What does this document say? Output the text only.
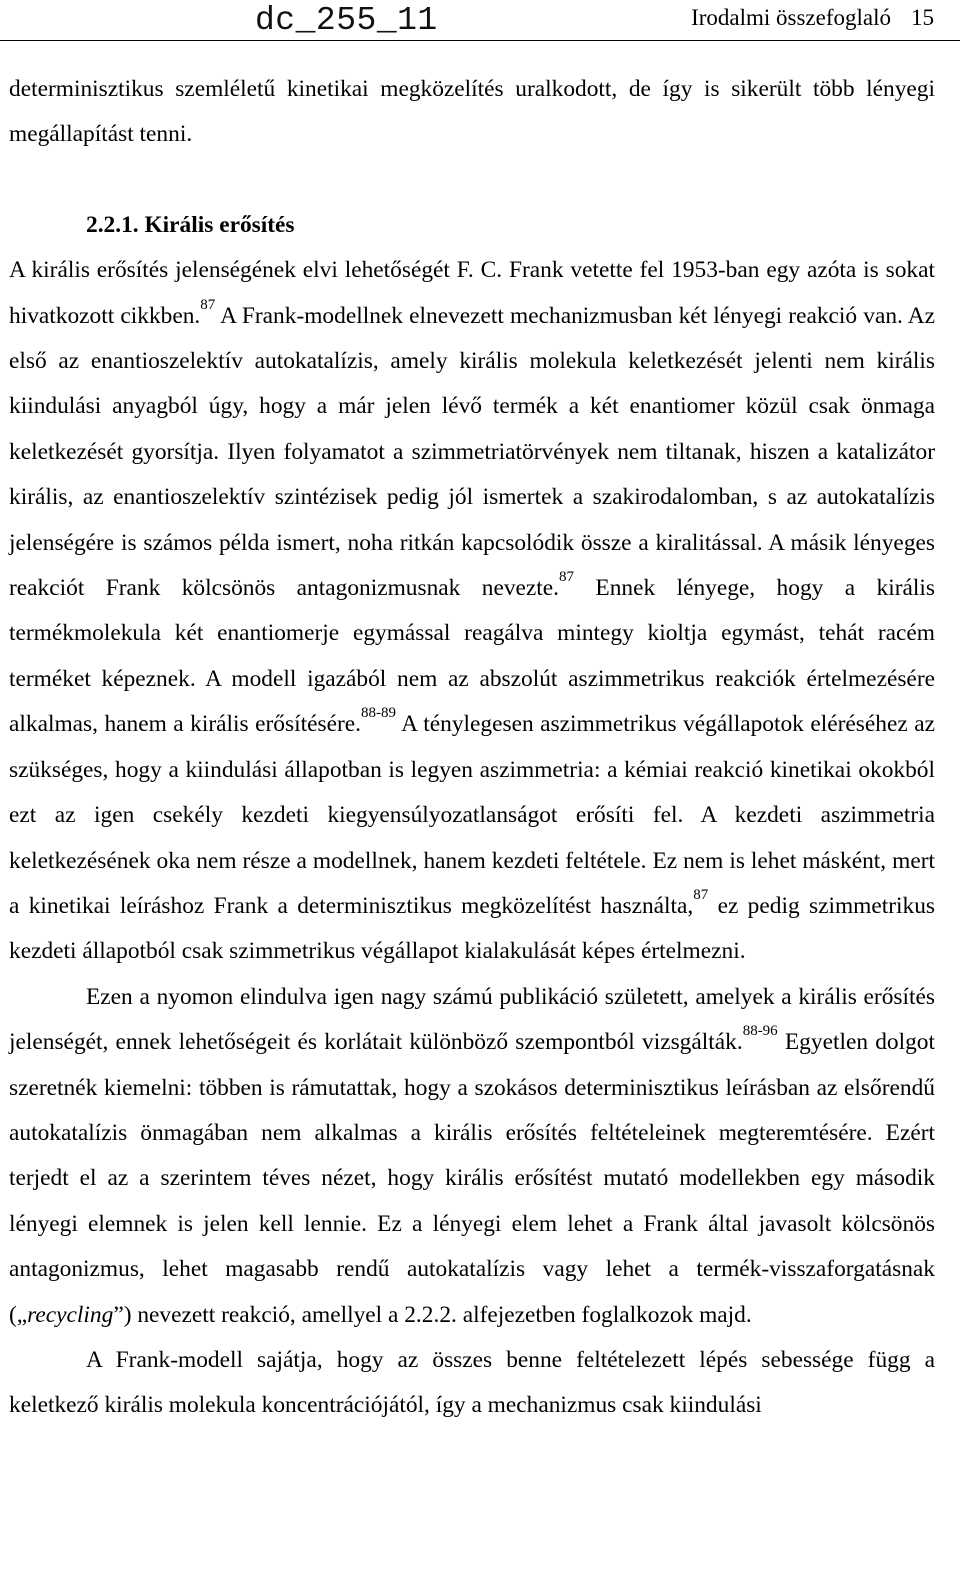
dc_255_11	Irodalmi összefoglaló 15

determinisztikus szemléletű kinetikai megközelítés uralkodott, de így is sikerült több lényegi megállapítást tenni.

2.2.1. Királis erősítés

A királis erősítés jelenségének elvi lehetőségét F. C. Frank vetette fel 1953-ban egy azóta is sokat hivatkozott cikkben.$^{87}$ A Frank-modellnek elnevezett mechanizmusban két lényegi reakció van. Az első az enantioszelektív autokatalízis, amely királis molekula keletkezését jelenti nem királis kiindulási anyagból úgy, hogy a már jelen lévő termék a két enantiomer közül csak önmaga keletkezését gyorsítja. Ilyen folyamatot a szimmetriatörvények nem tiltanak, hiszen a katalizátor királis, az enantioszelektív szintézisek pedig jól ismertek a szakirodalomban, s az autokatalízis jelenségére is számos példa ismert, noha ritkán kapcsolódik össze a kiralitással. A másik lényeges reakciót Frank kölcsönös antagonizmusnak nevezte.$^{87}$ Ennek lényege, hogy a királis termékmolekula két enantiomerje egymással reagálva mintegy kioltja egymást, tehát racém terméket képeznek. A modell igazából nem az abszolút aszimmetrikus reakciók értelmezésére alkalmas, hanem a királis erősítésére.$^{88-89}$ A ténylegesen aszimmetrikus végállapotok eléréséhez az szükséges, hogy a kiindulási állapotban is legyen aszimmetria: a kémiai reakció kinetikai okokból ezt az igen csekély kezdeti kiegyensúlyozatlanságot erősíti fel. A kezdeti aszimmetria keletkezésének oka nem része a modellnek, hanem kezdeti feltétele. Ez nem is lehet másként, mert a kinetikai leíráshoz Frank a determinisztikus megközelítést használta,$^{87}$ ez pedig szimmetrikus kezdeti állapotból csak szimmetrikus végállapot kialakulását képes értelmezni.

Ezen a nyomon elindulva igen nagy számú publikáció született, amelyek a királis erősítés jelenségét, ennek lehetőségeit és korlátait különböző szempontból vizsgálták.$^{88-96}$ Egyetlen dolgot szeretnék kiemelni: többen is rámutattak, hogy a szokásos determinisztikus leírásban az elsőrendű autokatalízis önmagában nem alkalmas a királis erősítés feltételeinek megteremtésére. Ezért terjedt el az a szerintem téves nézet, hogy királis erősítést mutató modellekben egy második lényegi elemnek is jelen kell lennie. Ez a lényegi elem lehet a Frank által javasolt kölcsönös antagonizmus, lehet magasabb rendű autokatalízis vagy lehet a termék-visszaforgatásnak („recycling”) nevezett reakció, amellyel a 2.2.2. alfejezetben foglalkozok majd.

A Frank-modell sajátja, hogy az összes benne feltételezett lépés sebessége függ a keletkező királis molekula koncentrációjától, így a mechanizmus csak kiindulási
